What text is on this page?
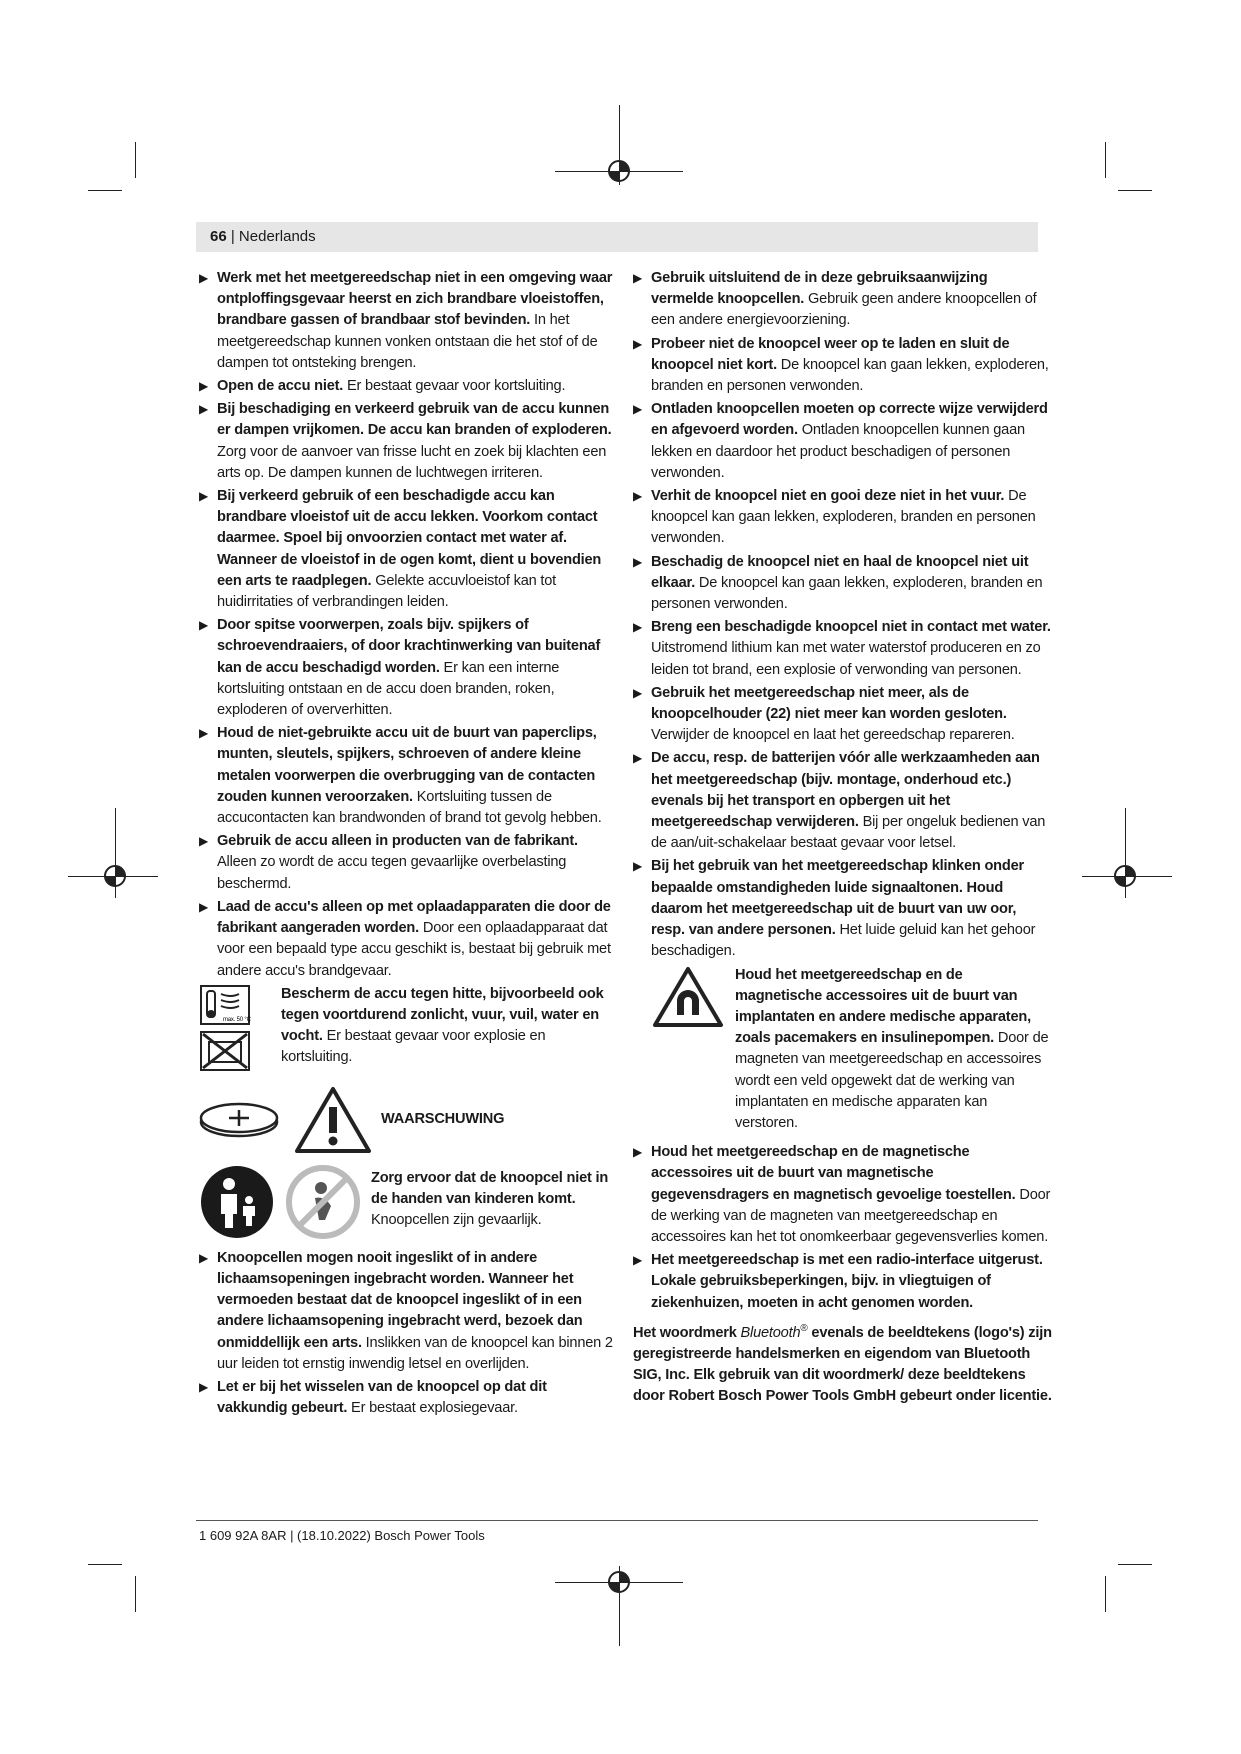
66 | Nederlands
▶ Werk met het meetgereedschap niet in een omgeving waar ontploffingsgevaar heerst en zich brandbare vloeistoffen, brandbare gassen of brandbaar stof bevinden. In het meetgereedschap kunnen vonken ontstaan die het stof of de dampen tot ontsteking brengen.
▶ Open de accu niet. Er bestaat gevaar voor kortsluiting.
▶ Bij beschadiging en verkeerd gebruik van de accu kunnen er dampen vrijkomen. De accu kan branden of exploderen. Zorg voor de aanvoer van frisse lucht en zoek bij klachten een arts op. De dampen kunnen de luchtwegen irriteren.
▶ Bij verkeerd gebruik of een beschadigde accu kan brandbare vloeistof uit de accu lekken. Voorkom contact daarmee. Spoel bij onvoorzien contact met water af. Wanneer de vloeistof in de ogen komt, dient u bovendien een arts te raadplegen. Gelekte accuvloeistof kan tot huidirritaties of verbrandingen leiden.
▶ Door spitse voorwerpen, zoals bijv. spijkers of schroevendraaiers, of door krachtinwerking van buitenaf kan de accu beschadigd worden. Er kan een interne kortsluiting ontstaan en de accu doen branden, roken, exploderen of oververhitten.
▶ Houd de niet-gebruikte accu uit de buurt van paperclips, munten, sleutels, spijkers, schroeven of andere kleine metalen voorwerpen die overbrugging van de contacten zouden kunnen veroorzaken. Kortsluiting tussen de accucontacten kan brandwonden of brand tot gevolg hebben.
▶ Gebruik de accu alleen in producten van de fabrikant. Alleen zo wordt de accu tegen gevaarlijke overbelasting beschermd.
▶ Laad de accu's alleen op met oplaadapparaten die door de fabrikant aangeraden worden. Door een oplaadapparaat dat voor een bepaald type accu geschikt is, bestaat bij gebruik met andere accu's brandgevaar.
max. 50 °C
Bescherm de accu tegen hitte, bijvoorbeeld ook tegen voortdurend zonlicht, vuur, vuil, water en vocht. Er bestaat gevaar voor explosie en kortsluiting.
WAARSCHUWING
Zorg ervoor dat de knoopcel niet in de handen van kinderen komt. Knoopcellen zijn gevaarlijk.
▶ Knoopcellen mogen nooit ingeslikt of in andere lichaamsopeningen ingebracht worden. Wanneer het vermoeden bestaat dat de knoopcel ingeslikt of in een andere lichaamsopening ingebracht werd, bezoek dan onmiddellijk een arts. Inslikken van de knoopcel kan binnen 2 uur leiden tot ernstig inwendig letsel en overlijden.
▶ Let er bij het wisselen van de knoopcel op dat dit vakkundig gebeurt. Er bestaat explosiegevaar.
▶ Gebruik uitsluitend de in deze gebruiksaanwijzing vermelde knoopcellen. Gebruik geen andere knoopcellen of een andere energievoorziening.
▶ Probeer niet de knoopcel weer op te laden en sluit de knoopcel niet kort. De knoopcel kan gaan lekken, exploderen, branden en personen verwonden.
▶ Ontladen knoopcellen moeten op correcte wijze verwijderd en afgevoerd worden. Ontladen knoopcellen kunnen gaan lekken en daardoor het product beschadigen of personen verwonden.
▶ Verhit de knoopcel niet en gooi deze niet in het vuur. De knoopcel kan gaan lekken, exploderen, branden en personen verwonden.
▶ Beschadig de knoopcel niet en haal de knoopcel niet uit elkaar. De knoopcel kan gaan lekken, exploderen, branden en personen verwonden.
▶ Breng een beschadigde knoopcel niet in contact met water. Uitstromend lithium kan met water waterstof produceren en zo leiden tot brand, een explosie of verwonding van personen.
▶ Gebruik het meetgereedschap niet meer, als de knoopcelhouder (22) niet meer kan worden gesloten. Verwijder de knoopcel en laat het gereedschap repareren.
▶ De accu, resp. de batterijen vóór alle werkzaamheden aan het meetgereedschap (bijv. montage, onderhoud etc.) evenals bij het transport en opbergen uit het meetgereedschap verwijderen. Bij per ongeluk bedienen van de aan/uit-schakelaar bestaat gevaar voor letsel.
▶ Bij het gebruik van het meetgereedschap klinken onder bepaalde omstandigheden luide signaaltonen. Houd daarom het meetgereedschap uit de buurt van uw oor, resp. van andere personen. Het luide geluid kan het gehoor beschadigen.
Houd het meetgereedschap en de magnetische accessoires uit de buurt van implantaten en andere medische apparaten, zoals pacemakers en insulinepompen. Door de magneten van meetgereedschap en accessoires wordt een veld opgewekt dat de werking van implantaten en medische apparaten kan verstoren.
▶ Houd het meetgereedschap en de magnetische accessoires uit de buurt van magnetische gegevensdragers en magnetisch gevoelige toestellen. Door de werking van de magneten van meetgereedschap en accessoires kan het tot onomkeerbaar gegevensverlies komen.
▶ Het meetgereedschap is met een radio-interface uitgerust. Lokale gebruiksbeperkingen, bijv. in vliegtuigen of ziekenhuizen, moeten in acht genomen worden.
Het woordmerk Bluetooth® evenals de beeldtekens (logo's) zijn geregistreerde handelsmerken en eigendom van Bluetooth SIG, Inc. Elk gebruik van dit woordmerk/ deze beeldtekens door Robert Bosch Power Tools GmbH gebeurt onder licentie.
1 609 92A 8AR | (18.10.2022) Bosch Power Tools
